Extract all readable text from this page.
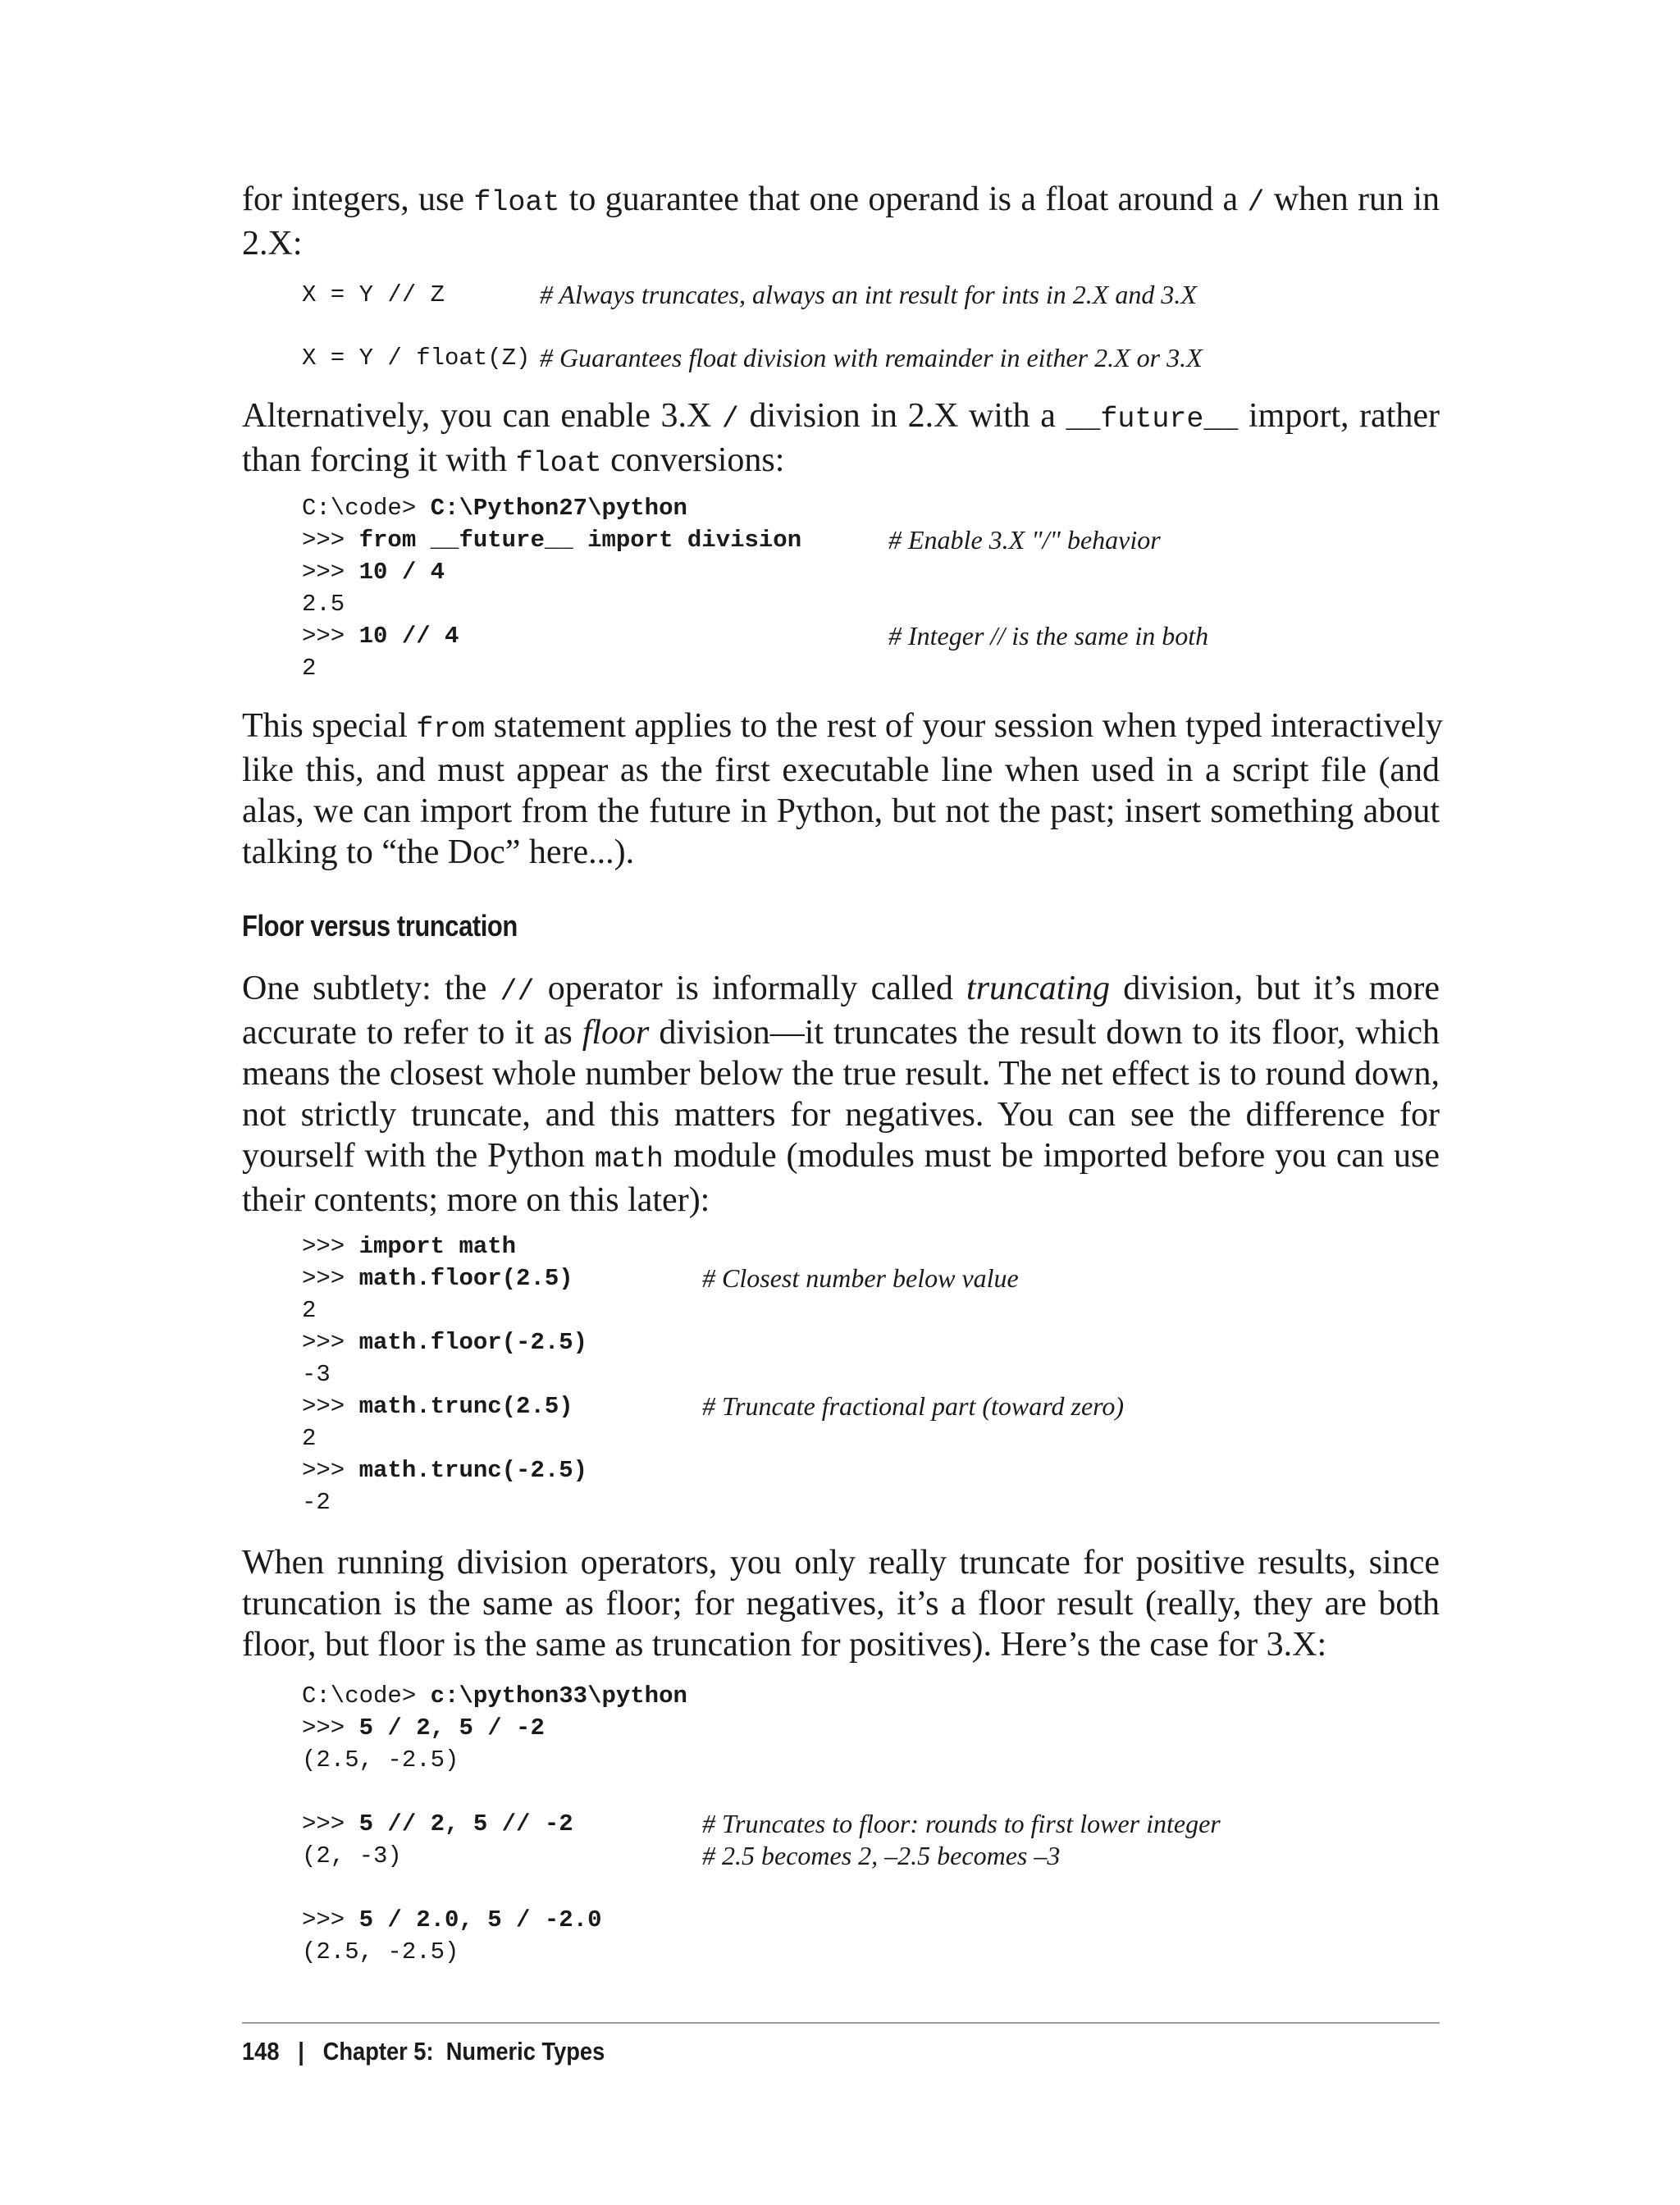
for integers, use float to guarantee that one operand is a float around a / when run in
2.X:
X = Y // Z	# Always truncates, always an int result for ints in 2.X and 3.X
X = Y / float(Z) # Guarantees float division with remainder in either 2.X or 3.X
Alternatively, you can enable 3.X / division in 2.X with a __future__ import, rather
than forcing it with float conversions:
C:\code> C:\Python27\python
>>> from __future__ import division	# Enable 3.X "/" behavior
>>> 10 / 4
2.5
>>> 10 // 4	# Integer // is the same in both
2
This special from statement applies to the rest of your session when typed interactively
like this, and must appear as the first executable line when used in a script file (and
alas, we can import from the future in Python, but not the past; insert something about
talking to “the Doc” here...).
Floor versus truncation
One subtlety: the // operator is informally called truncating division, but it’s more
accurate to refer to it as floor division—it truncates the result down to its floor, which
means the closest whole number below the true result. The net effect is to round down,
not strictly truncate, and this matters for negatives. You can see the difference for
yourself with the Python math module (modules must be imported before you can use
their contents; more on this later):
>>> import math
>>> math.floor(2.5)	# Closest number below value
2
>>> math.floor(-2.5)
-3
>>> math.trunc(2.5)	# Truncate fractional part (toward zero)
2
>>> math.trunc(-2.5)
-2
When running division operators, you only really truncate for positive results, since
truncation is the same as floor; for negatives, it’s a floor result (really, they are both
floor, but floor is the same as truncation for positives). Here’s the case for 3.X:
C:\code> c:\python33\python
>>> 5 / 2, 5 / -2
(2.5, -2.5)
>>> 5 // 2, 5 // -2	# Truncates to floor: rounds to first lower integer
(2, -3)	# 2.5 becomes 2, –2.5 becomes –3
>>> 5 / 2.0, 5 / -2.0
(2.5, -2.5)
148 | Chapter 5:  Numeric Types
